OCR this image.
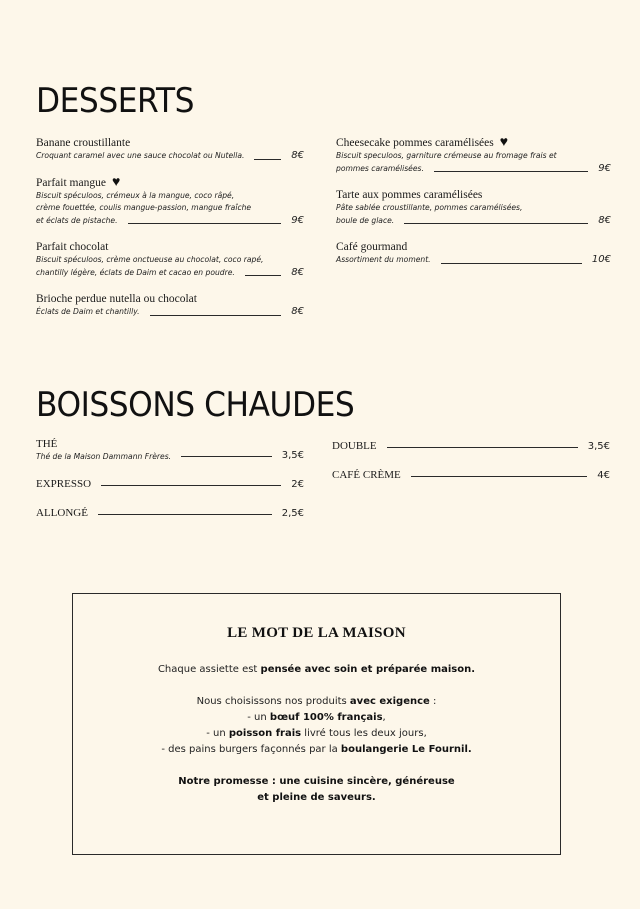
DESSERTS
Banane croustillante
Croquant caramel avec une sauce chocolat ou Nutella.	8€
Parfait mangue ♥
Biscuit spéculoos, crémeux à la mangue, coco râpé,
crème fouettée, coulis mangue-passion, mangue fraîche
et éclats de pistache.	9€
Parfait chocolat
Biscuit spéculoos, crème onctueuse au chocolat, coco rapé,
chantilly légère, éclats de Daim et cacao en poudre.	8€
Brioche perdue nutella ou chocolat
Éclats de Daim et chantilly.	8€
Cheesecake pommes caramélisées ♥
Biscuit speculoos, garniture crémeuse au fromage frais et
pommes caramélisées.	9€
Tarte aux pommes caramélisées
Pâte sablée croustillante, pommes caramélisées,
boule de glace.	8€
Café gourmand
Assortiment du moment.	10€
BOISSONS CHAUDES
THÉ
Thé de la Maison Dammann Frères.	3,5€
EXPRESSO	2€
ALLONGÉ	2,5€
DOUBLE	3,5€
CAFÉ CRÈME	4€
LE MOT DE LA MAISON

Chaque assiette est pensée avec soin et préparée maison.

Nous choisissons nos produits avec exigence :
- un bœuf 100% français,
- un poisson frais livré tous les deux jours,
- des pains burgers façonnés par la boulangerie Le Fournil.

Notre promesse : une cuisine sincère, généreuse
et pleine de saveurs.
